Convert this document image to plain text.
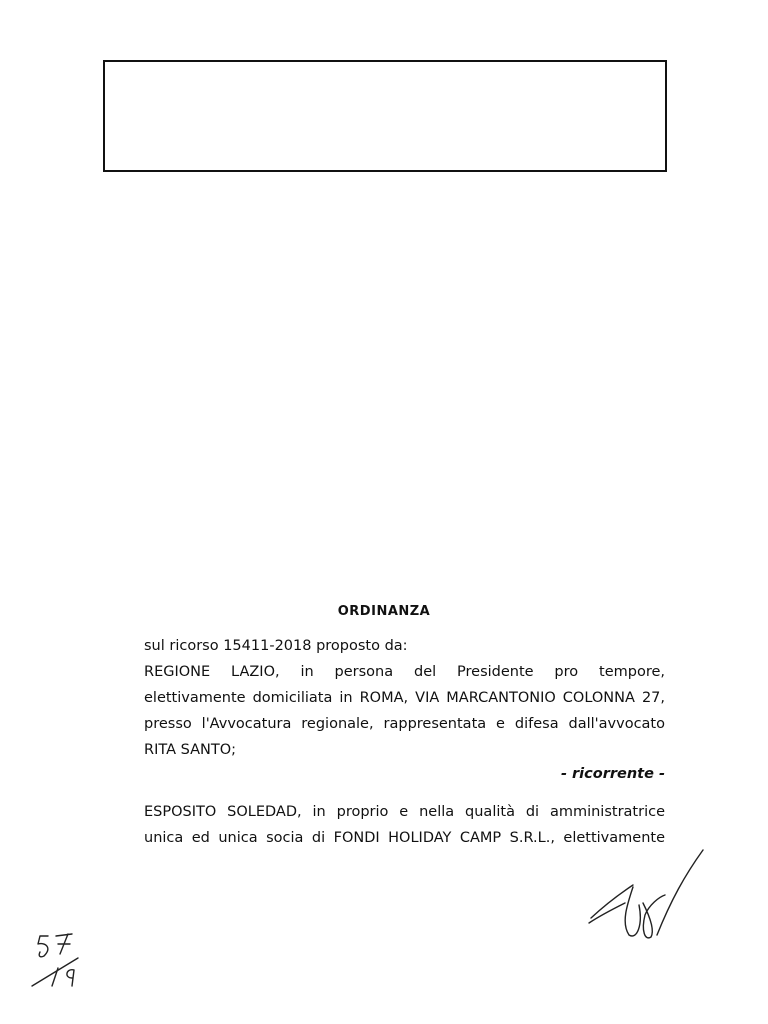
ORDINANZA
sul ricorso 15411-2018 proposto da:
REGIONE LAZIO, in persona del Presidente pro tempore,
elettivamente domiciliata in ROMA, VIA MARCANTONIO COLONNA 27,
presso l'Avvocatura regionale, rappresentata e difesa dall'avvocato
RITA SANTO;
- ricorrente -
ESPOSITO SOLEDAD, in proprio e nella qualità di amministratrice
unica ed unica socia di FONDI HOLIDAY CAMP S.R.L., elettivamente
